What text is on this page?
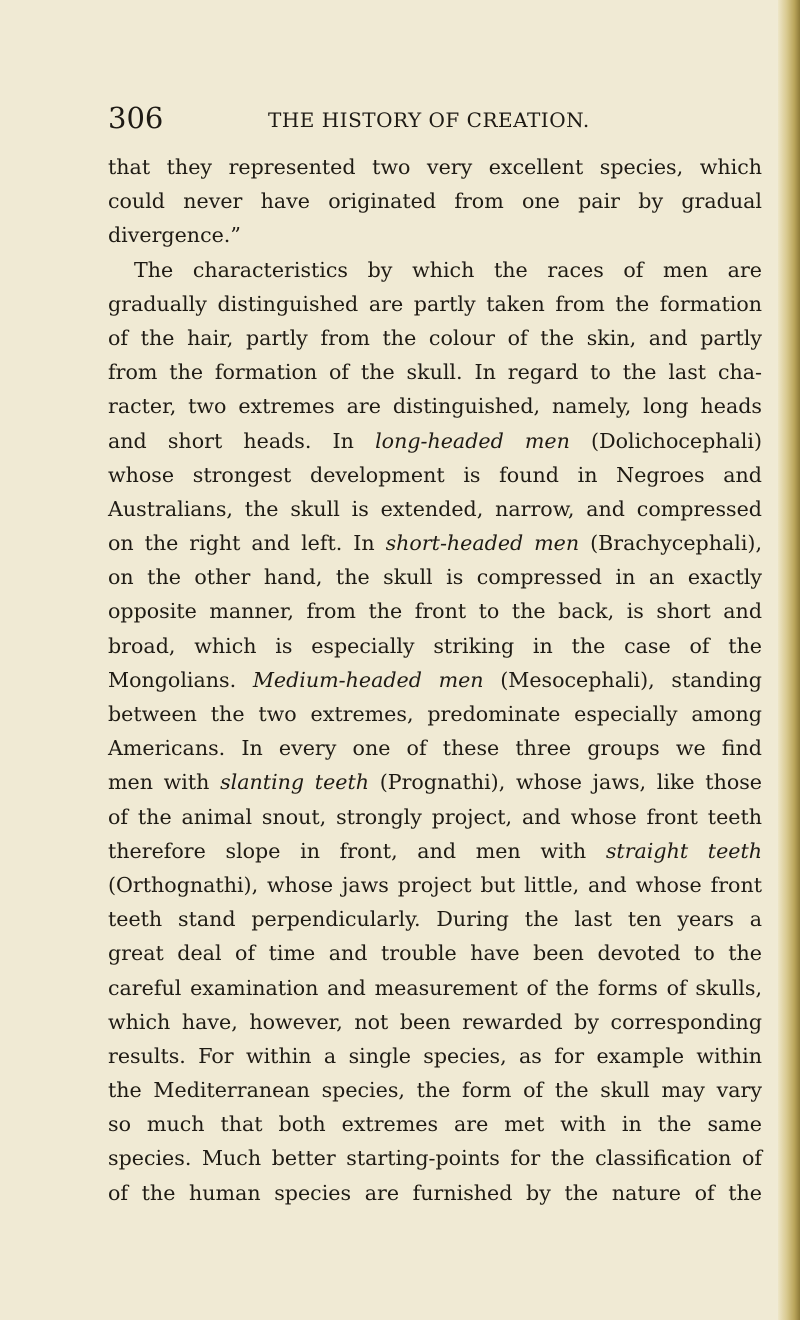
306	THE HISTORY OF CREATION.
that they represented two very excellent species, which
could never have originated from one pair by gradual
divergence.”
The characteristics by which the races of men are
gradually distinguished are partly taken from the formation
of the hair, partly from the colour of the skin, and partly
from the formation of the skull. In regard to the last cha-
racter, two extremes are distinguished, namely, long heads
and short heads. In long-headed men (Dolichocephali)
whose strongest development is found in Negroes and
Australians, the skull is extended, narrow, and compressed
on the right and left. In short-headed men (Brachycephali),
on the other hand, the skull is compressed in an exactly
opposite manner, from the front to the back, is short and
broad, which is especially striking in the case of the
Mongolians. Medium-headed men (Mesocephali), standing
between the two extremes, predominate especially among
Americans. In every one of these three groups we find
men with slanting teeth (Prognathi), whose jaws, like those
of the animal snout, strongly project, and whose front teeth
therefore slope in front, and men with straight teeth
(Orthognathi), whose jaws project but little, and whose front
teeth stand perpendicularly. During the last ten years a
great deal of time and trouble have been devoted to the
careful examination and measurement of the forms of skulls,
which have, however, not been rewarded by corresponding
results. For within a single species, as for example within
the Mediterranean species, the form of the skull may vary
so much that both extremes are met with in the same
species. Much better starting-points for the classification of
of the human species are furnished by the nature of the
